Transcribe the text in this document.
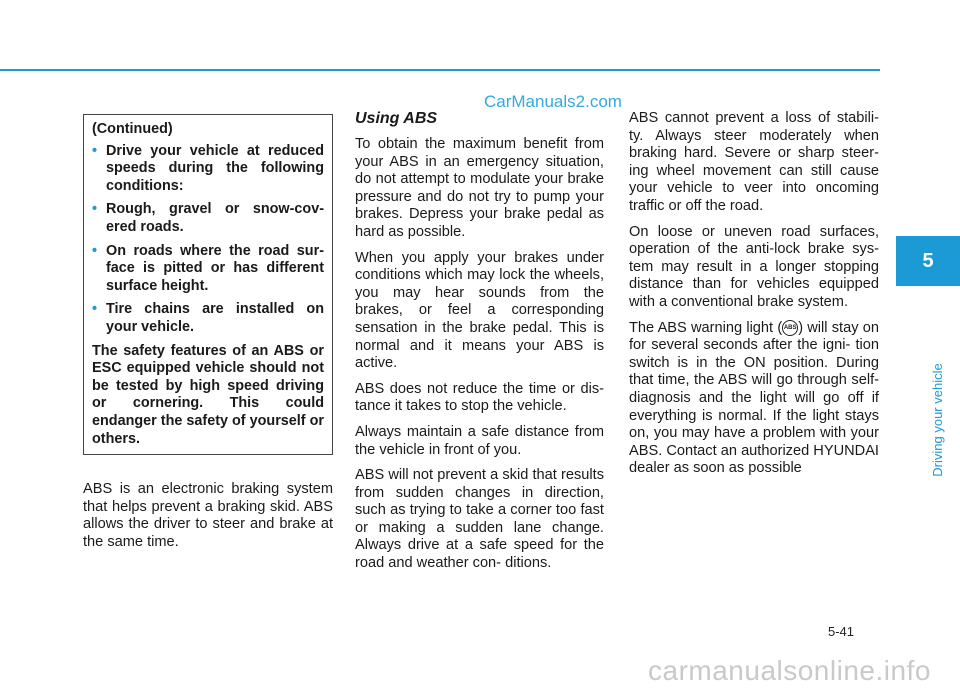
CarManuals2.com
(Continued)
• Drive your vehicle at reduced speeds during the following conditions:
• Rough, gravel or snow-cov- ered roads.
• On roads where the road sur- face is pitted or has different surface height.
• Tire chains are installed on your vehicle.

The safety features of an ABS or ESC equipped vehicle should not be tested by high speed driving or cornering. This could endanger the safety of yourself or others.

ABS is an electronic braking system that helps prevent a braking skid. ABS allows the driver to steer and brake at the same time.

Using ABS

To obtain the maximum benefit from your ABS in an emergency situation, do not attempt to modulate your brake pressure and do not try to pump your brakes. Depress your brake pedal as hard as possible.

When you apply your brakes under conditions which may lock the wheels, you may hear sounds from the brakes, or feel a corresponding sensation in the brake pedal. This is normal and it means your ABS is active.

ABS does not reduce the time or dis- tance it takes to stop the vehicle.

Always maintain a safe distance from the vehicle in front of you.

ABS will not prevent a skid that results from sudden changes in direction, such as trying to take a corner too fast or making a sudden lane change. Always drive at a safe speed for the road and weather con- ditions.

ABS cannot prevent a loss of stabili- ty. Always steer moderately when braking hard. Severe or sharp steer- ing wheel movement can still cause your vehicle to veer into oncoming traffic or off the road.

On loose or uneven road surfaces, operation of the anti-lock brake sys- tem may result in a longer stopping distance than for vehicles equipped with a conventional brake system.

The ABS warning light ( ABS ) will stay on for several seconds after the igni- tion switch is in the ON position. During that time, the ABS will go through self-diagnosis and the light will go off if everything is normal. If the light stays on, you may have a problem with your ABS. Contact an authorized HYUNDAI dealer as soon as possible

5
Driving your vehicle
5-41
carmanualsonline.info
